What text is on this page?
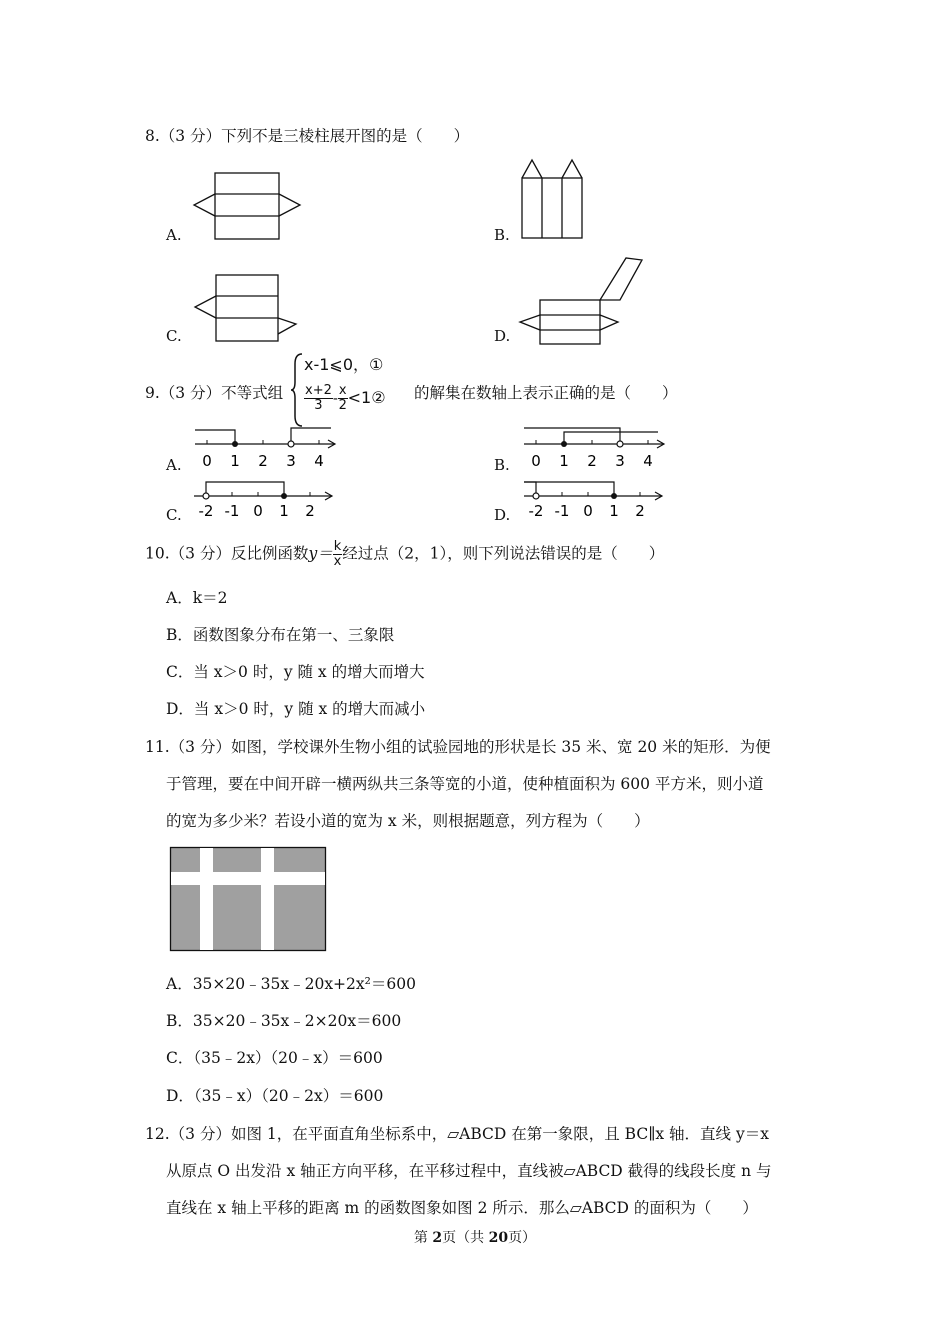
8.（3 分）下列不是三棱柱展开图的是（　　）
A.	B.
C.	D.
9.（3 分）不等式组
x-1⩽0，①
$\frac{x+2}{3} - \frac{x}{2}$ <1② 的解集在数轴上表示正确的是（　　）
A. 0 1 2 3 4	B. 0 1 2 3 4
C. -2 -1 0 1 2	D. -2 -1 0 1 2
10.（3 分）反比例函数$y= \frac{k}{x}$ 经过点（2，1），则下列说法错误的是（　　）
A．k＝2
B．函数图象分布在第一、三象限
C．当 x＞0 时，y 随 x 的增大而增大
D．当 x＞0 时，y 随 x 的增大而减小
11.（3 分）如图，学校课外生物小组的试验园地的形状是长 35 米、宽 20 米的矩形．为便
于管理，要在中间开辟一横两纵共三条等宽的小道，使种植面积为 600 平方米，则小道
的宽为多少米？若设小道的宽为 x 米，则根据题意，列方程为（　　）
A．35×20﹣35x﹣20x+2x²＝600
B．35×20﹣35x﹣2×20x＝600
C．（35﹣2x）（20﹣x）＝600
D．（35﹣x）（20﹣2x）＝600
12.（3 分）如图 1，在平面直角坐标系中，▱ABCD 在第一象限，且 BC∥x 轴．直线 y＝x
从原点 O 出发沿 x 轴正方向平移，在平移过程中，直线被▱ABCD 截得的线段长度 n 与
直线在 x 轴上平移的距离 m 的函数图象如图 2 所示．那么▱ABCD 的面积为（　　）
第 2页（共 20页）
